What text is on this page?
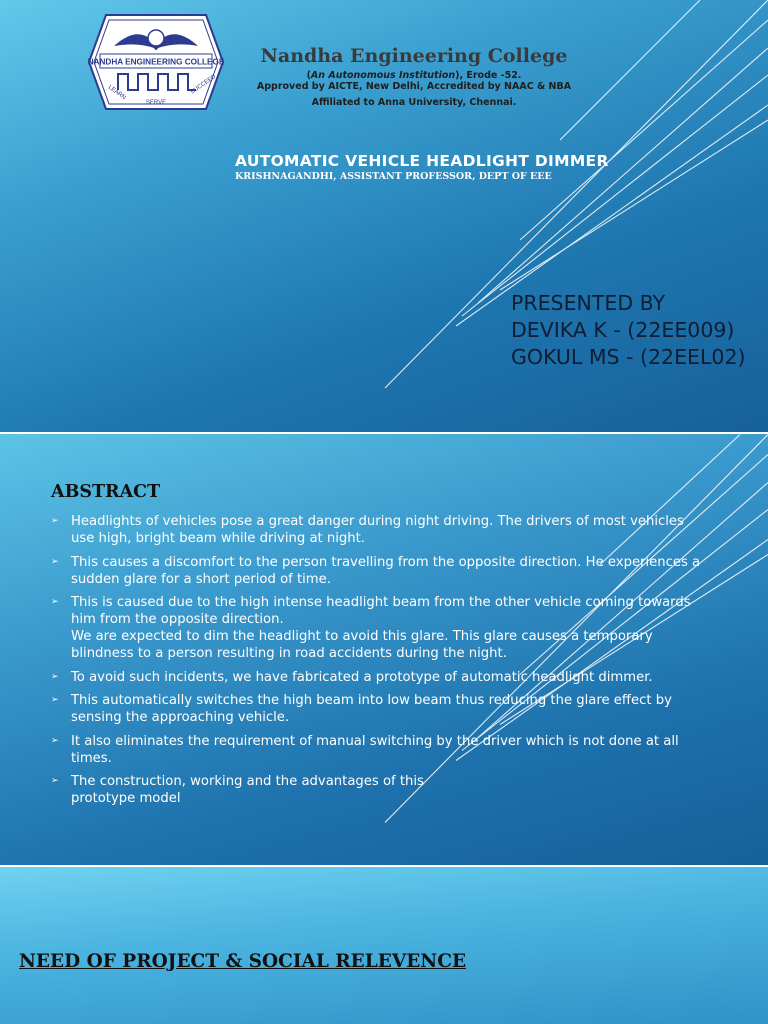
NANDHA ENGINEERING COLLEGE
LEARN
SERVE
SUCCEED
Nandha Engineering College
(An Autonomous Institution), Erode -52.
Approved by AICTE, New Delhi, Accredited by NAAC & NBA
Affiliated to Anna University, Chennai.
AUTOMATIC VEHICLE HEADLIGHT DIMMER
KRISHNAGANDHI, ASSISTANT PROFESSOR, DEPT OF EEE
PRESENTED BY
DEVIKA K - (22EE009)
GOKUL MS - (22EEL02)
ABSTRACT
➢ Headlights of vehicles pose a great danger during night driving. The drivers of most vehicles use high, bright beam while driving at night.
➢ This causes a discomfort to the person travelling from the opposite direction. He experiences a sudden glare for a short period of time.
➢ This is caused due to the high intense headlight beam from the other vehicle coming towards him from the opposite direction.
We are expected to dim the headlight to avoid this glare. This glare causes a temporary blindness to a person resulting in road accidents during the night.
➢ To avoid such incidents, we have fabricated a prototype of automatic headlight dimmer.
➢ This automatically switches the high beam into low beam thus reducing the glare effect by sensing the approaching vehicle.
➢ It also eliminates the requirement of manual switching by the driver which is not done at all times.
➢ The construction, working and the advantages of this
prototype model
NEED OF PROJECT & SOCIAL RELEVENCE
